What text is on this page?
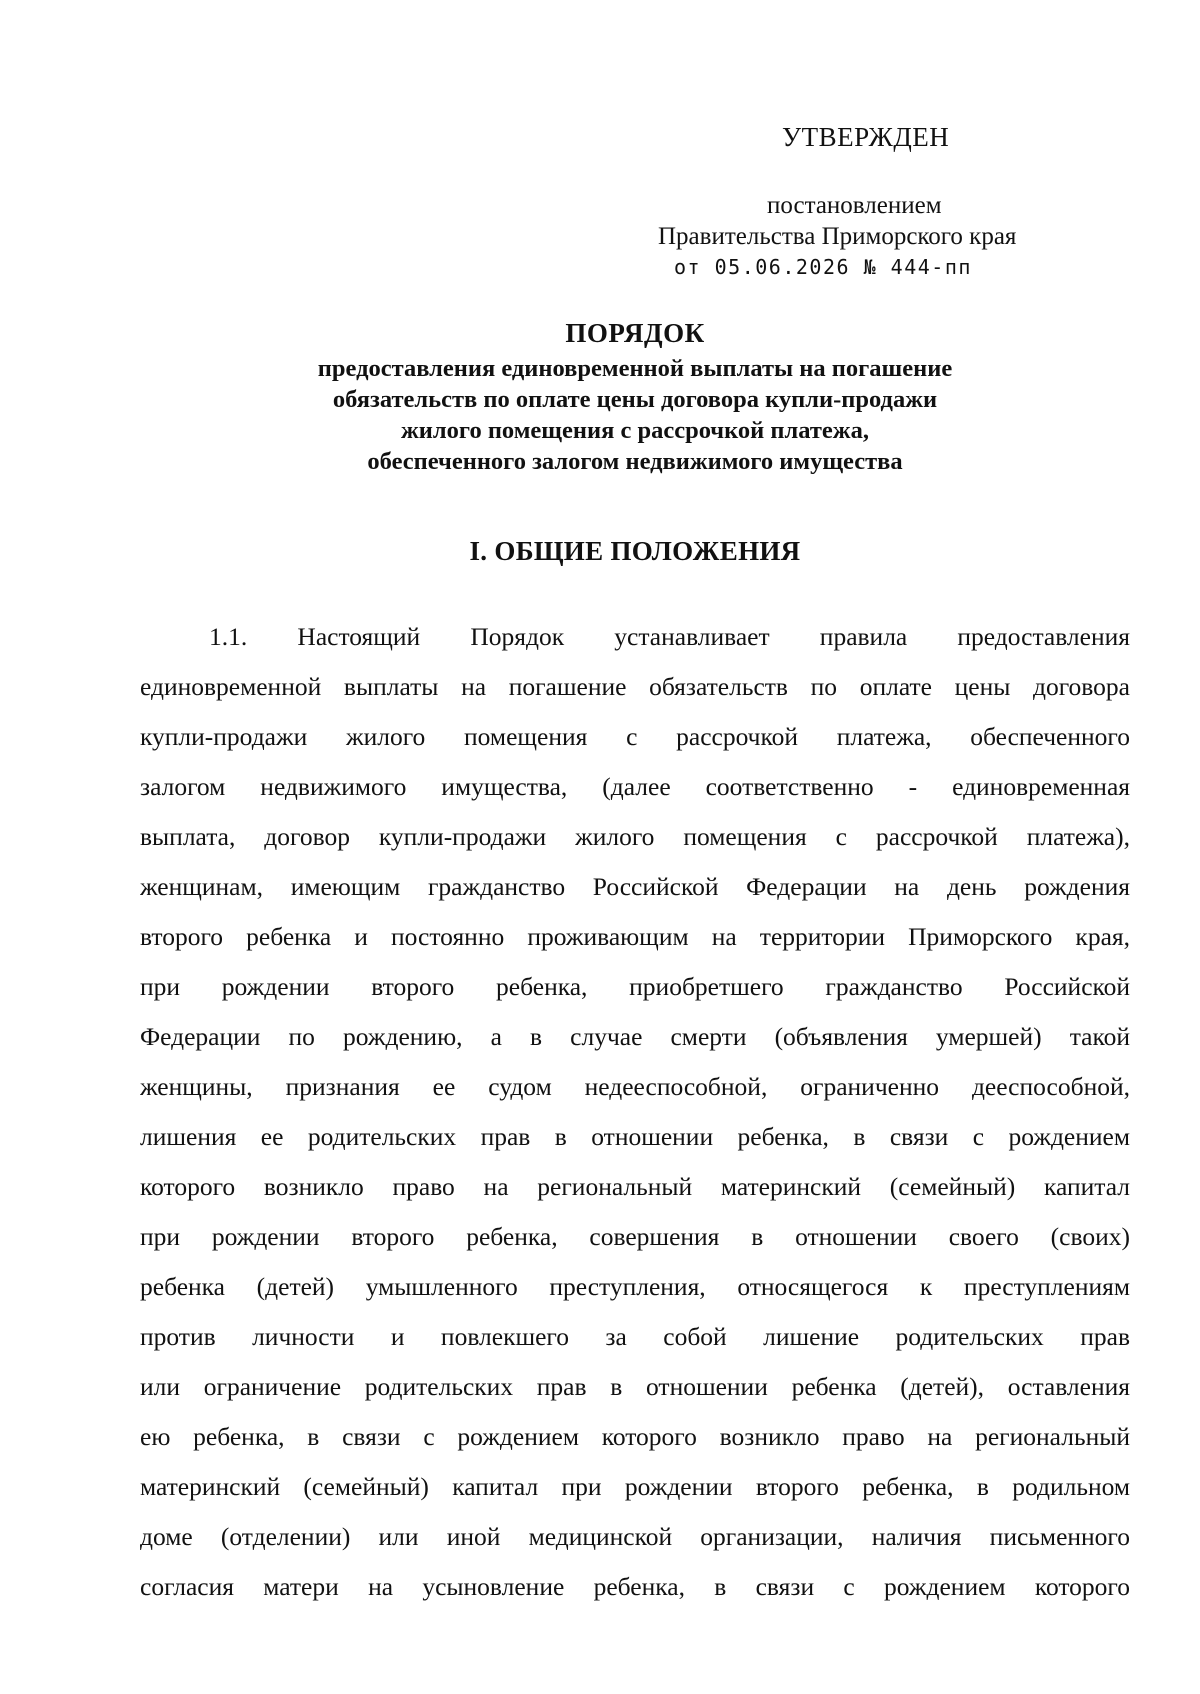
УТВЕРЖДЕН
постановлением
Правительства Приморского края
от 05.06.2026 № 444-пп
ПОРЯДОК
предоставления единовременной выплаты на погашение
обязательств по оплате цены договора купли-продажи
жилого помещения с рассрочкой платежа,
обеспеченного залогом недвижимого имущества
I. ОБЩИЕ ПОЛОЖЕНИЯ
1.1. Настоящий Порядок устанавливает правила предоставления
единовременной выплаты на погашение обязательств по оплате цены договора
купли-продажи жилого помещения с рассрочкой платежа, обеспеченного
залогом недвижимого имущества, (далее соответственно - единовременная
выплата, договор купли-продажи жилого помещения с рассрочкой платежа),
женщинам, имеющим гражданство Российской Федерации на день рождения
второго ребенка и постоянно проживающим на территории Приморского края,
при рождении второго ребенка, приобретшего гражданство Российской
Федерации по рождению, а в случае смерти (объявления умершей) такой
женщины, признания ее судом недееспособной, ограниченно дееспособной,
лишения ее родительских прав в отношении ребенка, в связи с рождением
которого возникло право на региональный материнский (семейный) капитал
при рождении второго ребенка, совершения в отношении своего (своих)
ребенка (детей) умышленного преступления, относящегося к преступлениям
против личности и повлекшего за собой лишение родительских прав
или ограничение родительских прав в отношении ребенка (детей), оставления
ею ребенка, в связи с рождением которого возникло право на региональный
материнский (семейный) капитал при рождении второго ребенка, в родильном
доме (отделении) или иной медицинской организации, наличия письменного
согласия матери на усыновление ребенка, в связи с рождением которого
